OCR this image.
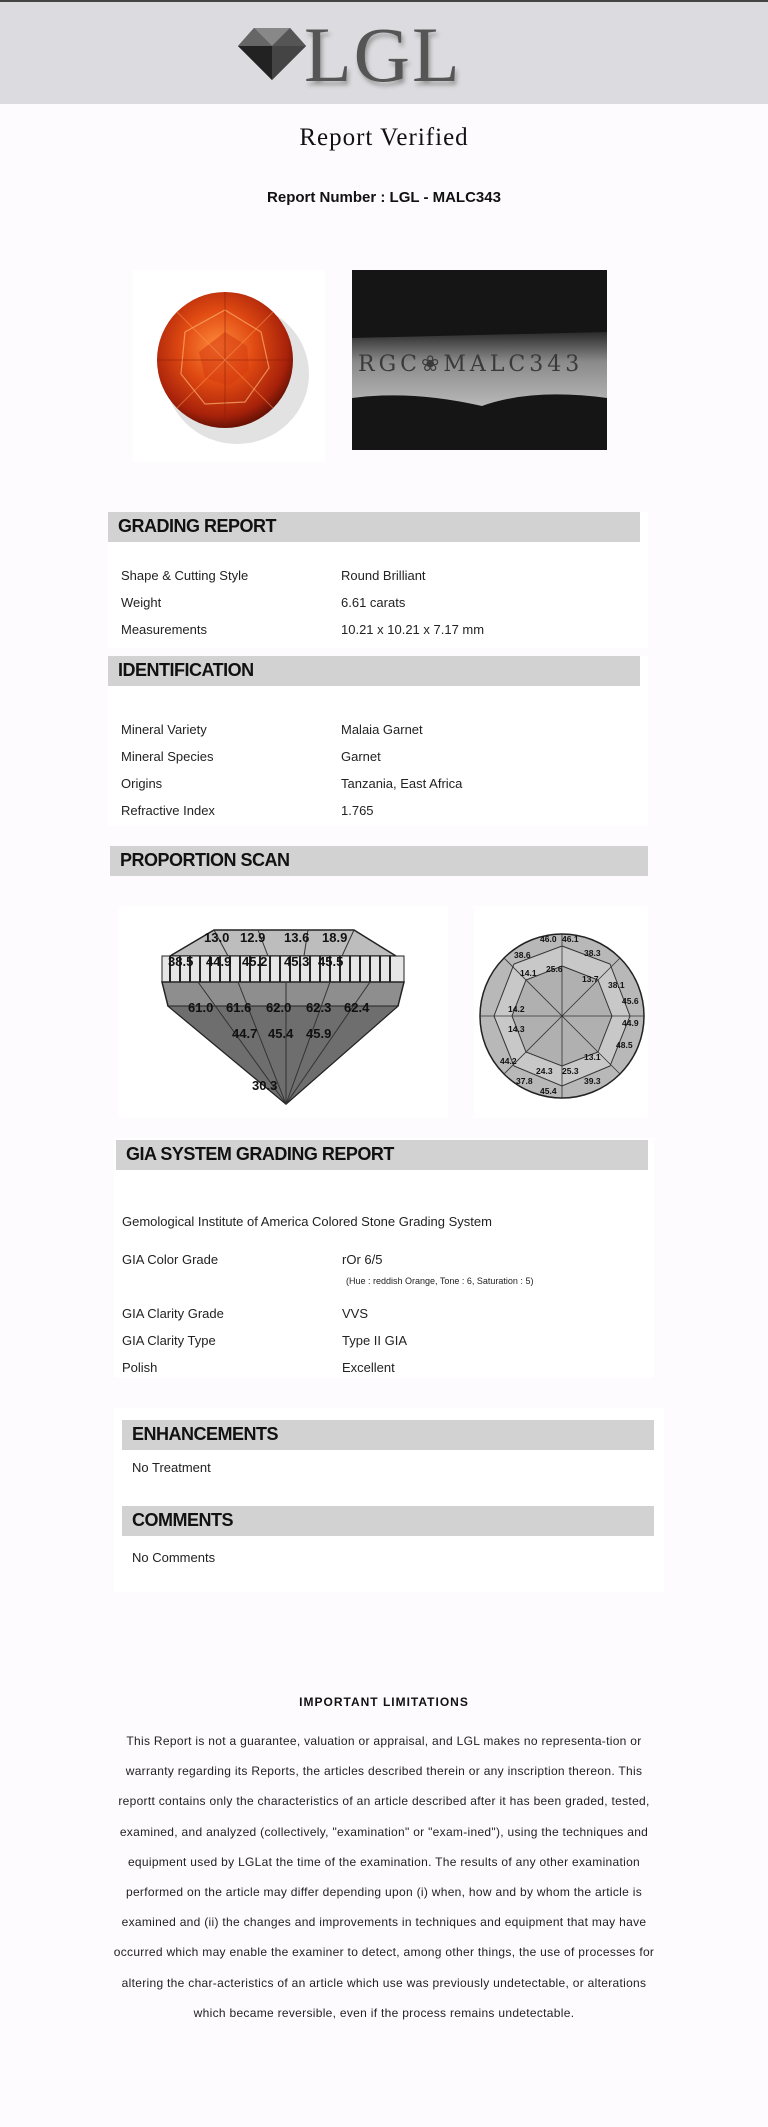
LGL
Report Verified
Report Number : LGL - MALC343
RGC❀MALC343
GRADING REPORT
Shape & Cutting Style	Round Brilliant
Weight	6.61 carats
Measurements	10.21 x 10.21 x 7.17 mm
IDENTIFICATION
Mineral Variety	Malaia Garnet
Mineral Species	Garnet
Origins	Tanzania, East Africa
Refractive Index	1.765
PROPORTION SCAN
13.0 12.9 13.6 18.9
38.5 44.9 45.2 45.3 45.5
61.0 61.6 62.0 62.3 62.4
44.7 45.4 45.9
30.3
46.0 46.1
38.3
38.6
14.1 25.6
13.7
38.1
45.6
44.9
14.2
14.3
13.1
25.3
24.3
39.3
45.4
44.2
37.8
48.5
GIA SYSTEM GRADING REPORT
Gemological Institute of America Colored Stone Grading System
GIA Color Grade	rOr 6/5
(Hue : reddish Orange, Tone : 6, Saturation : 5)
GIA Clarity Grade	VVS
GIA Clarity Type	Type II GIA
Polish	Excellent
ENHANCEMENTS
No Treatment
COMMENTS
No Comments
IMPORTANT LIMITATIONS
This Report is not a guarantee, valuation or appraisal, and LGL makes no representa-tion or warranty regarding its Reports, the articles described therein or any inscription thereon. This reportt contains only the characteristics of an article described after it has been graded, tested, examined, and analyzed (collectively, "examination" or "exam-ined"), using the techniques and equipment used by LGLat the time of the examination. The results of any other examination performed on the article may differ depending upon (i) when, how and by whom the article is examined and (ii) the changes and improvements in techniques and equipment that may have occurred which may enable the examiner to detect, among other things, the use of processes for altering the char-acteristics of an article which use was previously undetectable, or alterations which became reversible, even if the process remains undetectable.
